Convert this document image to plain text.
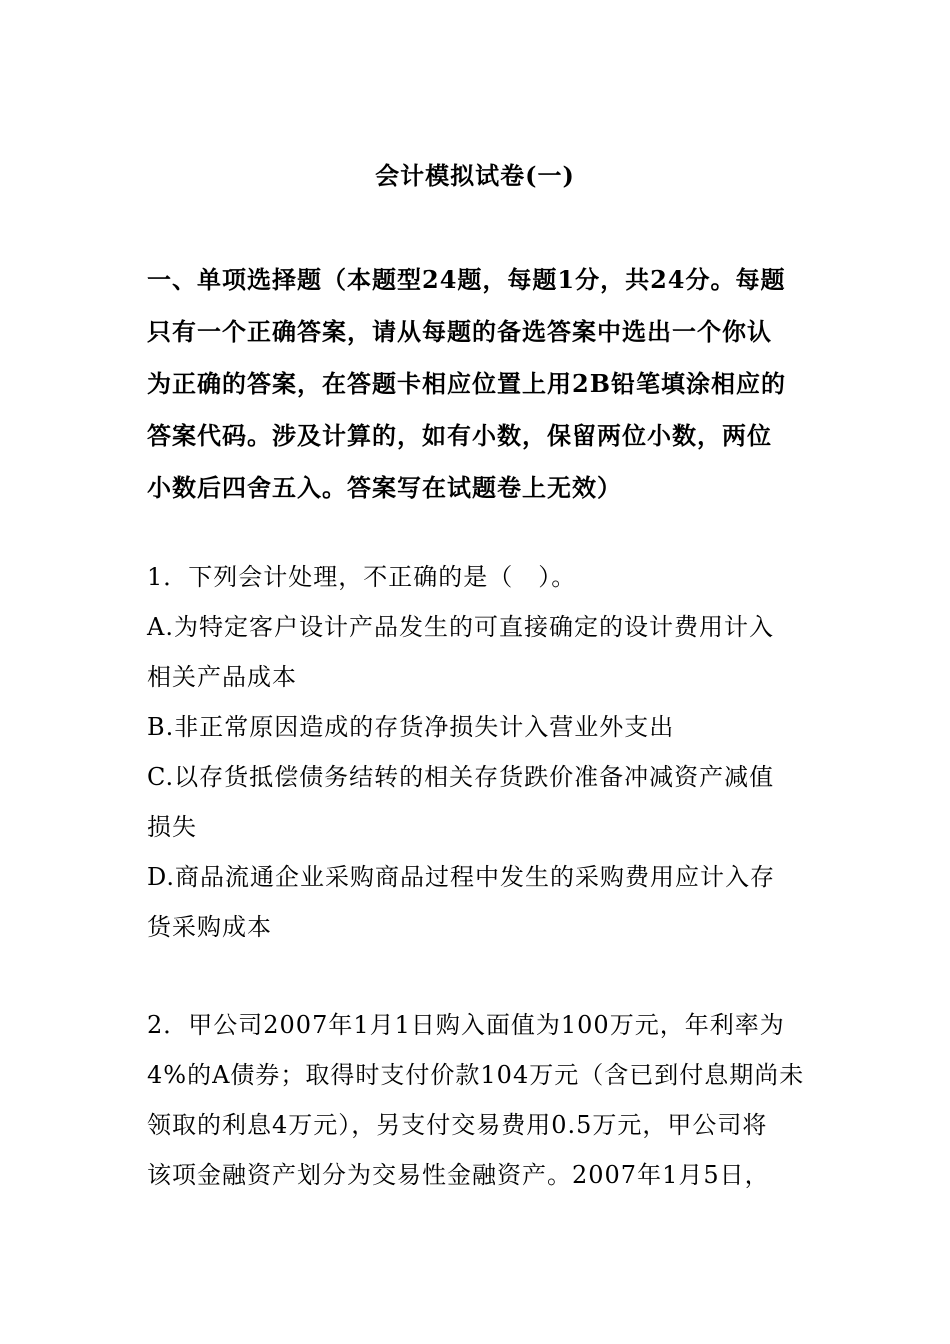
会计模拟试卷(一)
一、单项选择题（本题型24题，每题1分，共24分。每题
只有一个正确答案，请从每题的备选答案中选出一个你认
为正确的答案，在答题卡相应位置上用2B铅笔填涂相应的
答案代码。涉及计算的，如有小数，保留两位小数，两位
小数后四舍五入。答案写在试题卷上无效）
1．下列会计处理，不正确的是（　）。
A.为特定客户设计产品发生的可直接确定的设计费用计入
相关产品成本
B.非正常原因造成的存货净损失计入营业外支出
C.以存货抵偿债务结转的相关存货跌价准备冲减资产减值
损失
D.商品流通企业采购商品过程中发生的采购费用应计入存
货采购成本
2．甲公司2007年1月1日购入面值为100万元，年利率为
4%的A债券；取得时支付价款104万元（含已到付息期尚未
领取的利息4万元），另支付交易费用0.5万元，甲公司将
该项金融资产划分为交易性金融资产。2007年1月5日，
